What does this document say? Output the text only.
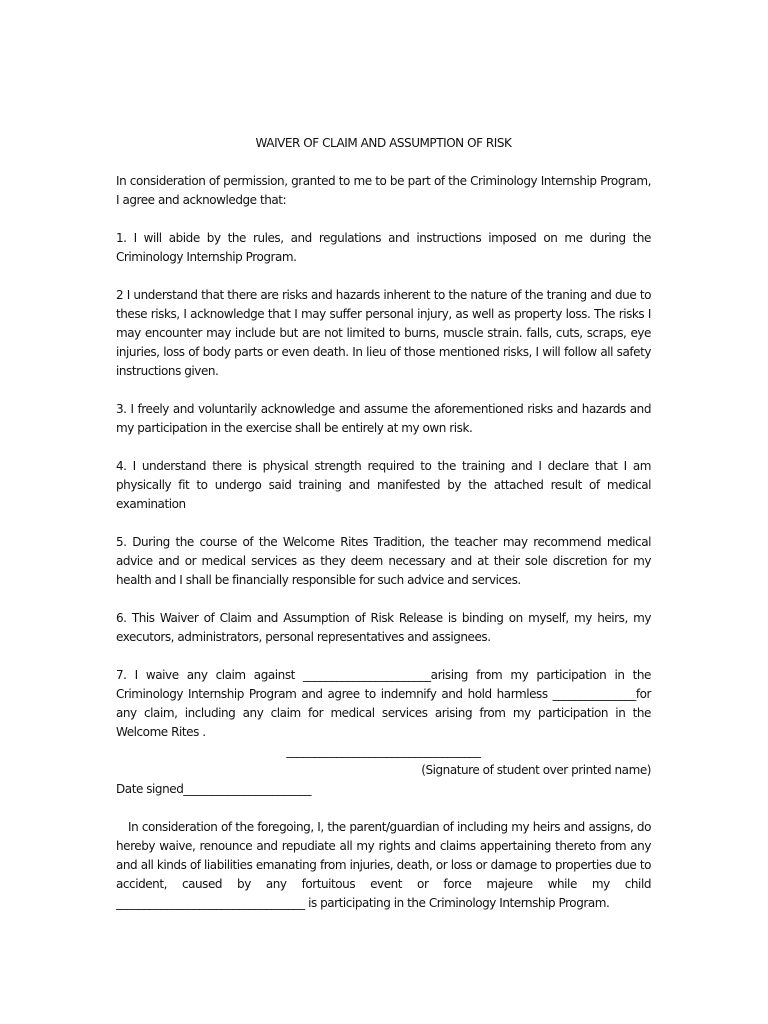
WAIVER OF CLAIM AND ASSUMPTION OF RISK

In consideration of permission, granted to me to be part of the Criminology Internship Program, I agree and acknowledge that:

1. I will abide by the rules, and regulations and instructions imposed on me during the Criminology Internship Program.

2 I understand that there are risks and hazards inherent to the nature of the traning and due to these risks, I acknowledge that I may suffer personal injury, as well as property loss. The risks I may encounter may include but are not limited to burns, muscle strain. falls, cuts, scraps, eye injuries, loss of body parts or even death. In lieu of those mentioned risks, I will follow all safety instructions given.

3. I freely and voluntarily acknowledge and assume the aforementioned risks and hazards and my participation in the exercise shall be entirely at my own risk.

4. I understand there is physical strength required to the training and I declare that I am physically fit to undergo said training and manifested by the attached result of medical examination

5. During the course of the Welcome Rites Tradition, the teacher may recommend medical advice and or medical services as they deem necessary and at their sole discretion for my health and I shall be financially responsible for such advice and services.

6. This Waiver of Claim and Assumption of Risk Release is binding on myself, my heirs, my executors, administrators, personal representatives and assignees.

7. I waive any claim against _______________________arising from my participation in the Criminology Internship Program and agree to indemnify and hold harmless _______________for any claim, including any claim for medical services arising from my participation in the Welcome Rites .

___________________________________
(Signature of student over printed name)
Date signed_______________________

In consideration of the foregoing, I, the parent/guardian of including my heirs and assigns, do hereby waive, renounce and repudiate all my rights and claims appertaining thereto from any and all kinds of liabilities emanating from injuries, death, or loss or damage to properties due to accident, caused by any fortuitous event or force majeure while my child __________________________________ is participating in the Criminology Internship Program.
